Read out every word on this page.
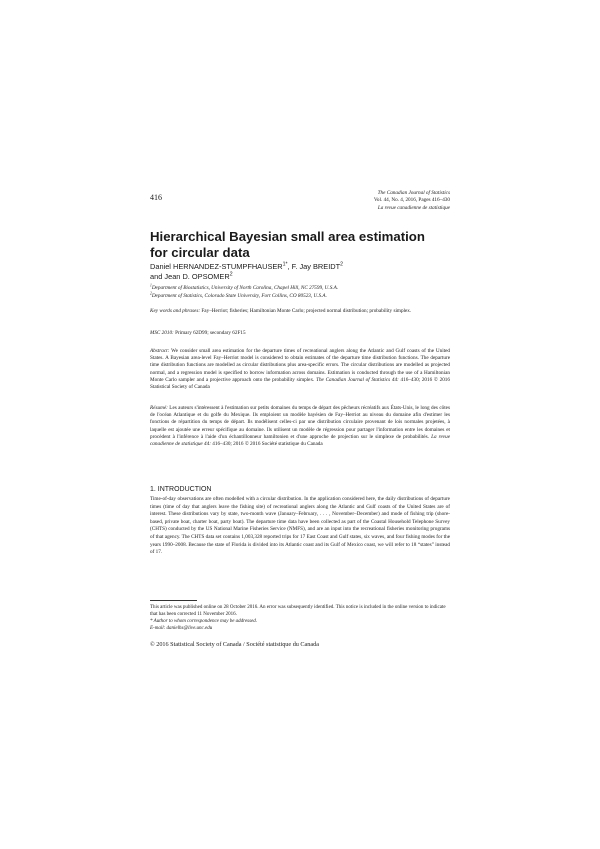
416	The Canadian Journal of Statistics
Vol. 44, No. 4, 2016, Pages 416–430
La revue canadienne de statistique
Hierarchical Bayesian small area estimation
for circular data
Daniel HERNANDEZ-$STUMPFHAUSER^{1*}$, F. Jay BREIDT$^2$
and Jean D. OPSOMER$^2$
$^1$Department of Biostatistics, University of North Carolina, Chapel Hill, NC 27599, U.S.A.
$^2$Department of Statistics, Colorado State University, Fort Collins, CO 80523, U.S.A.
Key words and phrases: Fay–Herriot; fisheries; Hamiltonian Monte Carlo; projected normal distribution; probability simplex.
MSC 2010: Primary 62D99; secondary 62F15
Abstract: We consider small area estimation for the departure times of recreational anglers along the Atlantic and Gulf coasts of the United States. A Bayesian area-level Fay–Herriot model is considered to obtain estimates of the departure time distribution functions. The departure time distribution functions are modelled as circular distributions plus area-specific errors. The circular distributions are modelled as projected normal, and a regression model is specified to borrow information across domains. Estimation is conducted through the use of a Hamiltonian Monte Carlo sampler and a projective approach onto the probability simplex. The Canadian Journal of Statistics 44: 416–430; 2016 © 2016 Statistical Society of Canada
Résumé: Les auteurs s'intéressent à l'estimation sur petits domaines du temps de départ des pêcheurs récréatifs aux États-Unis, le long des côtes de l'océan Atlantique et du golfe du Mexique. Ils emploient un modèle bayésien de Fay–Herriot au niveau du domaine afin d'estimer les fonctions de répartition du temps de départ. Ils modélisent celles-ci par une distribution circulaire provenant de lois normales projetées, à laquelle est ajoutée une erreur spécifique au domaine. Ils utilisent un modèle de régression pour partager l'information entre les domaines et procèdent à l'inférence à l'aide d'un échantillonneur hamiltonien et d'une approche de projection sur le simplexe de probabilités. La revue canadienne de statistique 44: 416–430; 2016 © 2016 Société statistique du Canada
1. INTRODUCTION
Time-of-day observations are often modelled with a circular distribution. In the application considered here, the daily distributions of departure times (time of day that anglers leave the fishing site) of recreational anglers along the Atlantic and Gulf coasts of the United States are of interest. These distributions vary by state, two-month wave (January–February, . . . , November–December) and mode of fishing trip (shore-based, private boat, charter boat, party boat). The departure time data have been collected as part of the Coastal Household Telephone Survey (CHTS) conducted by the US National Marine Fisheries Service (NMFS), and are an input into the recreational fisheries monitoring programs of that agency. The CHTS data set contains 1,003,328 reported trips for 17 East Coast and Gulf states, six waves, and four fishing modes for the years 1990–2008. Because the state of Florida is divided into its Atlantic coast and its Gulf of Mexico coast, we will refer to 18 “states” instead of 17.
This article was published online on 28 October 2016. An error was subsequently identified. This notice is included in the online version to indicate that has been corrected 11 November 2016.
* Author to whom correspondence may be addressed.
E-mail: danielhs@live.unc.edu
© 2016 Statistical Society of Canada / Société statistique du Canada
